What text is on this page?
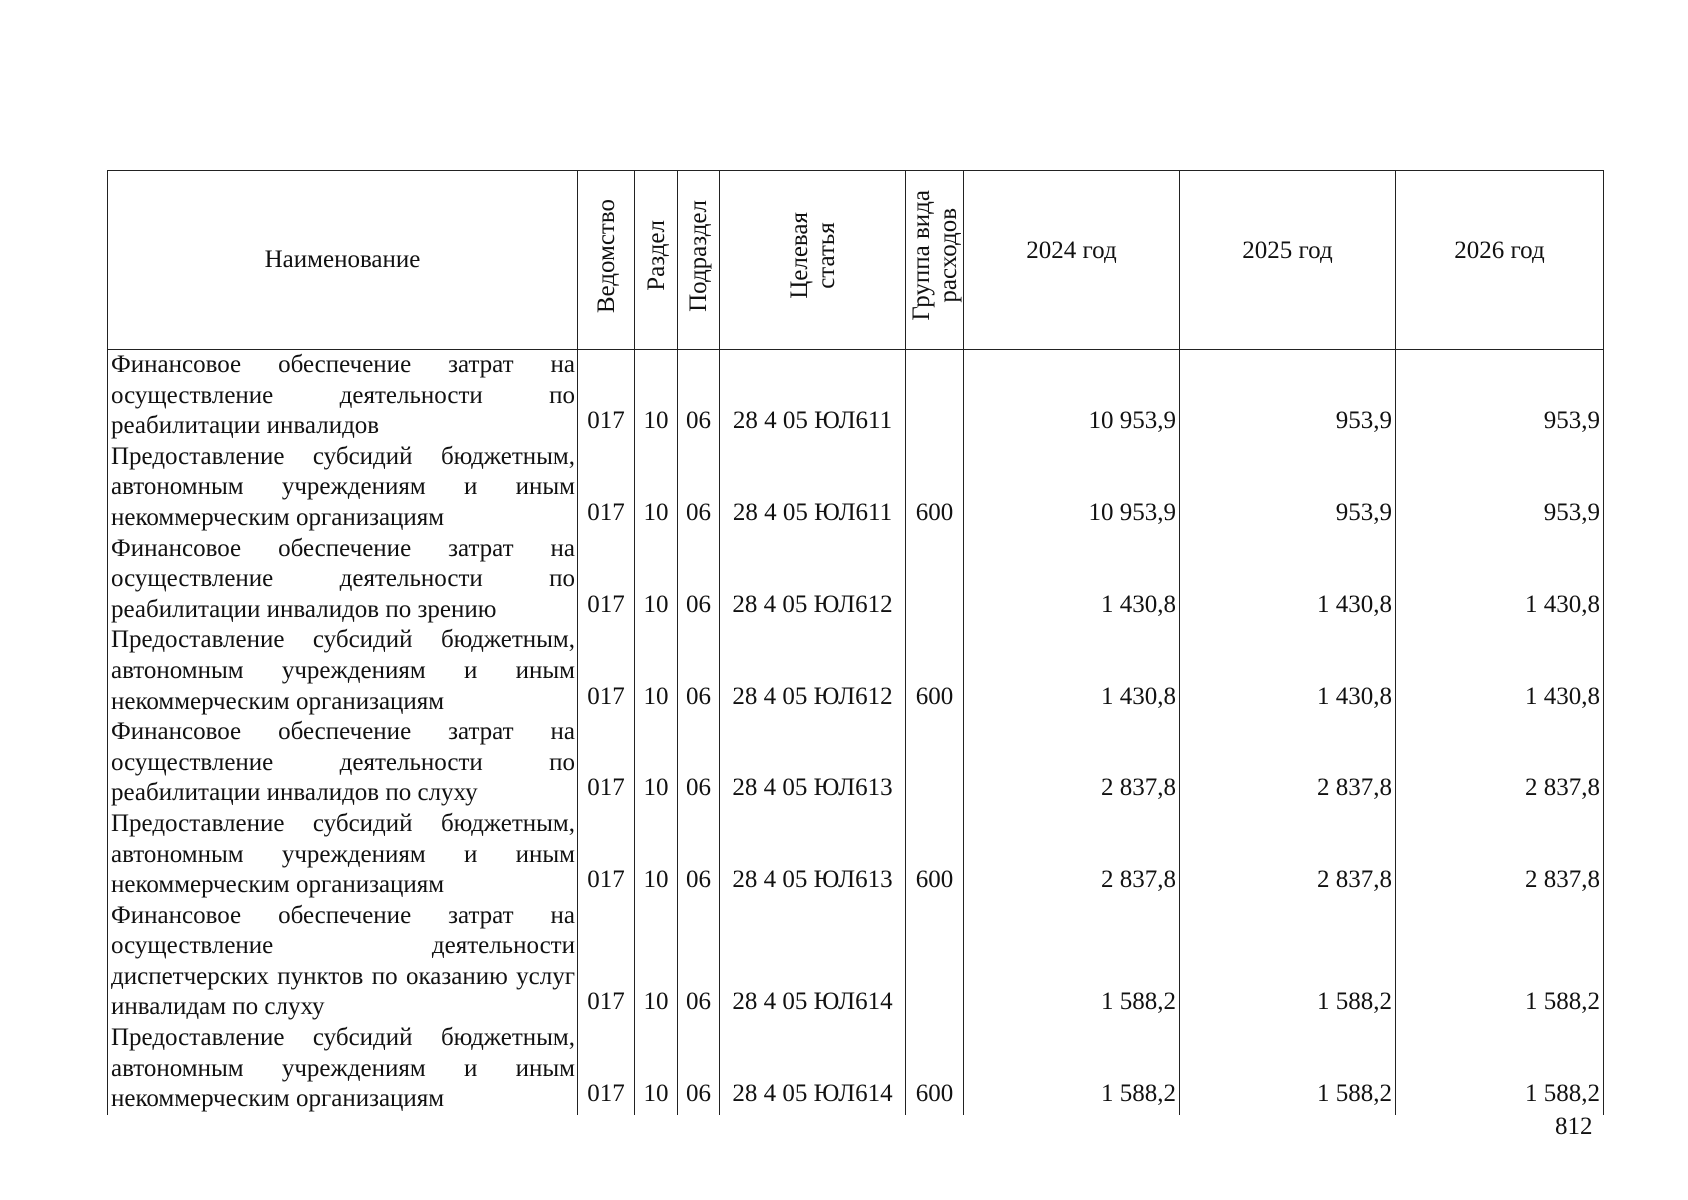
Наименование	Ведомство	Раздел	Подраздел	Целевая статья	Группа вида расходов	2024 год	2025 год	2026 год
Финансовое обеспечение затрат на осуществление деятельности по реабилитации инвалидов	017	10	06	28 4 05 ЮЛ611		10 953,9	953,9	953,9
Предоставление субсидий бюджетным, автономным учреждениям и иным некоммерческим организациям	017	10	06	28 4 05 ЮЛ611	600	10 953,9	953,9	953,9
Финансовое обеспечение затрат на осуществление деятельности по реабилитации инвалидов по зрению	017	10	06	28 4 05 ЮЛ612		1 430,8	1 430,8	1 430,8
Предоставление субсидий бюджетным, автономным учреждениям и иным некоммерческим организациям	017	10	06	28 4 05 ЮЛ612	600	1 430,8	1 430,8	1 430,8
Финансовое обеспечение затрат на осуществление деятельности по реабилитации инвалидов по слуху	017	10	06	28 4 05 ЮЛ613		2 837,8	2 837,8	2 837,8
Предоставление субсидий бюджетным, автономным учреждениям и иным некоммерческим организациям	017	10	06	28 4 05 ЮЛ613	600	2 837,8	2 837,8	2 837,8
Финансовое обеспечение затрат на осуществление деятельности диспетчерских пунктов по оказанию услуг инвалидам по слуху	017	10	06	28 4 05 ЮЛ614		1 588,2	1 588,2	1 588,2
Предоставление субсидий бюджетным, автономным учреждениям и иным некоммерческим организациям	017	10	06	28 4 05 ЮЛ614	600	1 588,2	1 588,2	1 588,2
812
